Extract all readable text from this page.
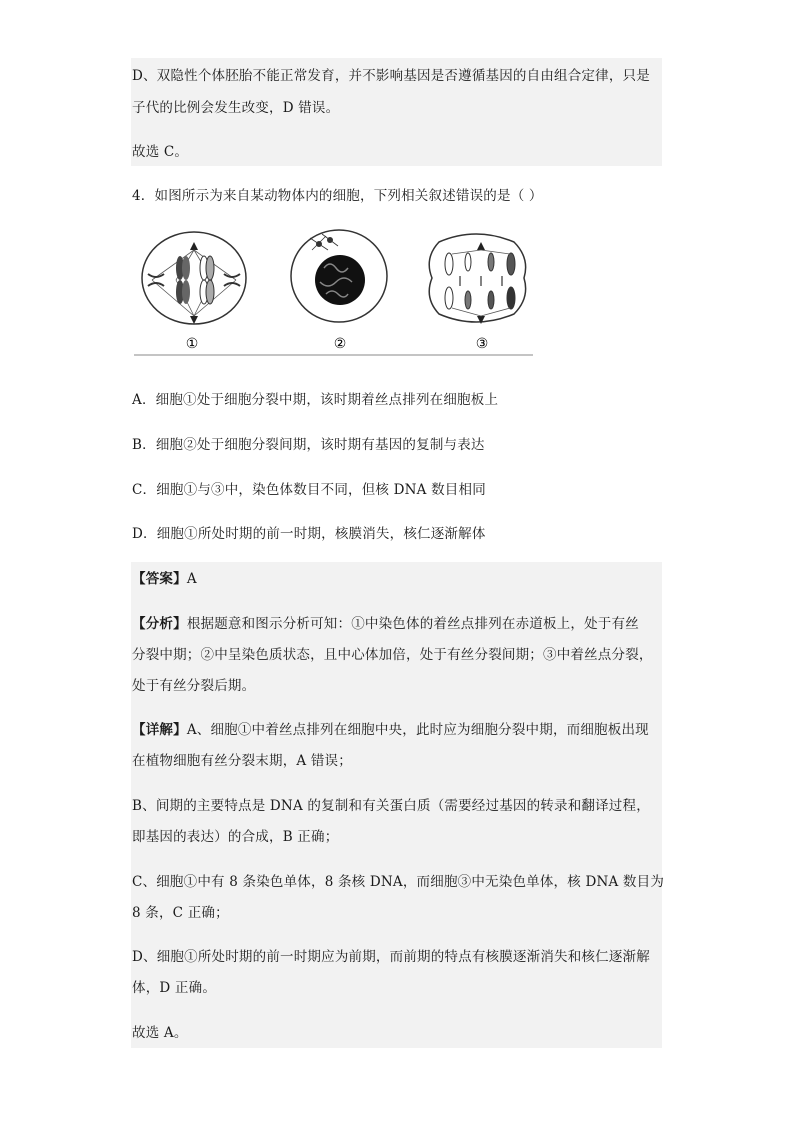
D、双隐性个体胚胎不能正常发育，并不影响基因是否遵循基因的自由组合定律，只是
子代的比例会发生改变，D 错误。
故选 C。
4．如图所示为来自某动物体内的细胞，下列相关叙述错误的是（ ）
①	②	③
A．细胞①处于细胞分裂中期，该时期着丝点排列在细胞板上
B．细胞②处于细胞分裂间期，该时期有基因的复制与表达
C．细胞①与③中，染色体数目不同，但核 DNA 数目相同
D．细胞①所处时期的前一时期，核膜消失，核仁逐渐解体
【答案】A
【分析】根据题意和图示分析可知：①中染色体的着丝点排列在赤道板上，处于有丝
分裂中期；②中呈染色质状态，且中心体加倍，处于有丝分裂间期；③中着丝点分裂，
处于有丝分裂后期。
【详解】A、细胞①中着丝点排列在细胞中央，此时应为细胞分裂中期，而细胞板出现
在植物细胞有丝分裂末期，A 错误；
B、间期的主要特点是 DNA 的复制和有关蛋白质（需要经过基因的转录和翻译过程，
即基因的表达）的合成，B 正确；
C、细胞①中有 8 条染色单体，8 条核 DNA，而细胞③中无染色单体，核 DNA 数目为
8 条，C 正确；
D、细胞①所处时期的前一时期应为前期，而前期的特点有核膜逐渐消失和核仁逐渐解
体，D 正确。
故选 A。
